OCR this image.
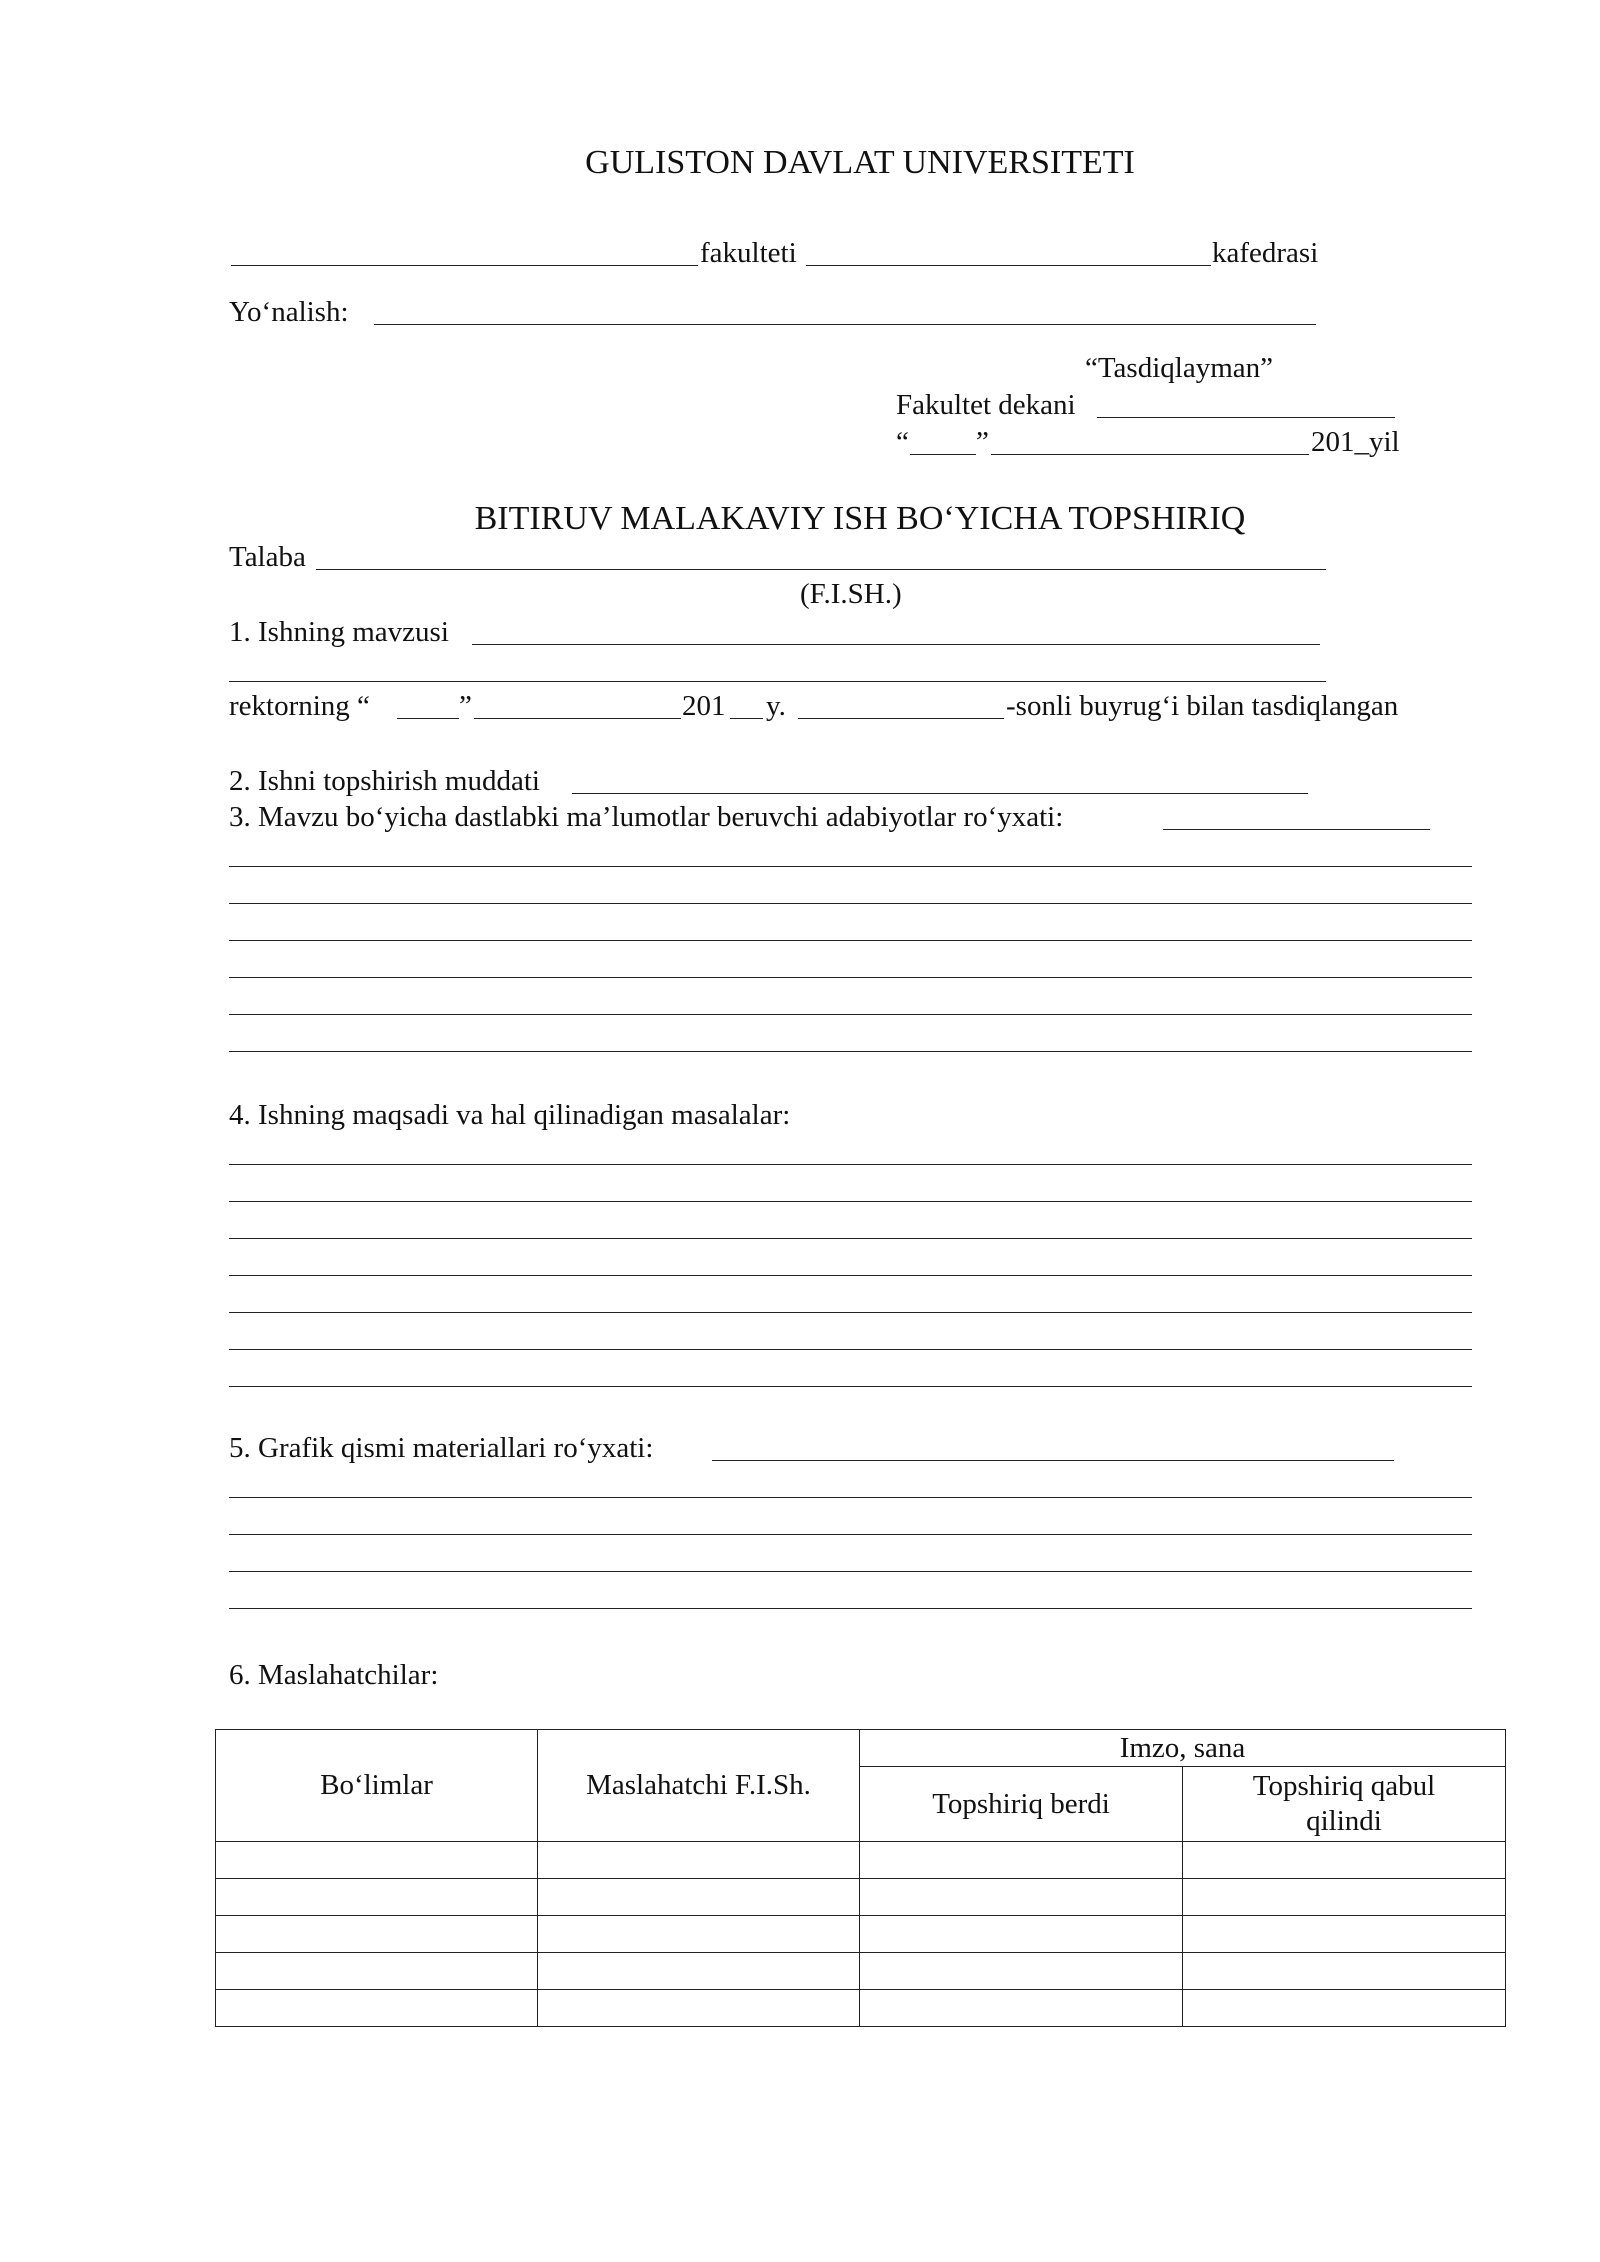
GULISTON DAVLAT UNIVERSITETI
fakulteti	kafedrasi
Yo‘nalish:
“Tasdiqlayman”
Fakultet dekani
“ ”	201_yil
BITIRUV MALAKAVIY ISH BO‘YICHA TOPSHIRIQ
Talaba
(F.I.SH.)
1. Ishning mavzusi
rektorning “	”	201 y.	-sonli buyrug‘i bilan tasdiqlangan
2. Ishni topshirish muddati
3. Mavzu bo‘yicha dastlabki ma’lumotlar beruvchi adabiyotlar ro‘yxati:
4. Ishning maqsadi va hal qilinadigan masalalar:
5. Grafik qismi materiallari ro‘yxati:
6. Maslahatchilar:
Bo‘limlar	Maslahatchi F.I.Sh.	Imzo, sana	
		Topshiriq berdi	Topshiriq qabul qilindi
